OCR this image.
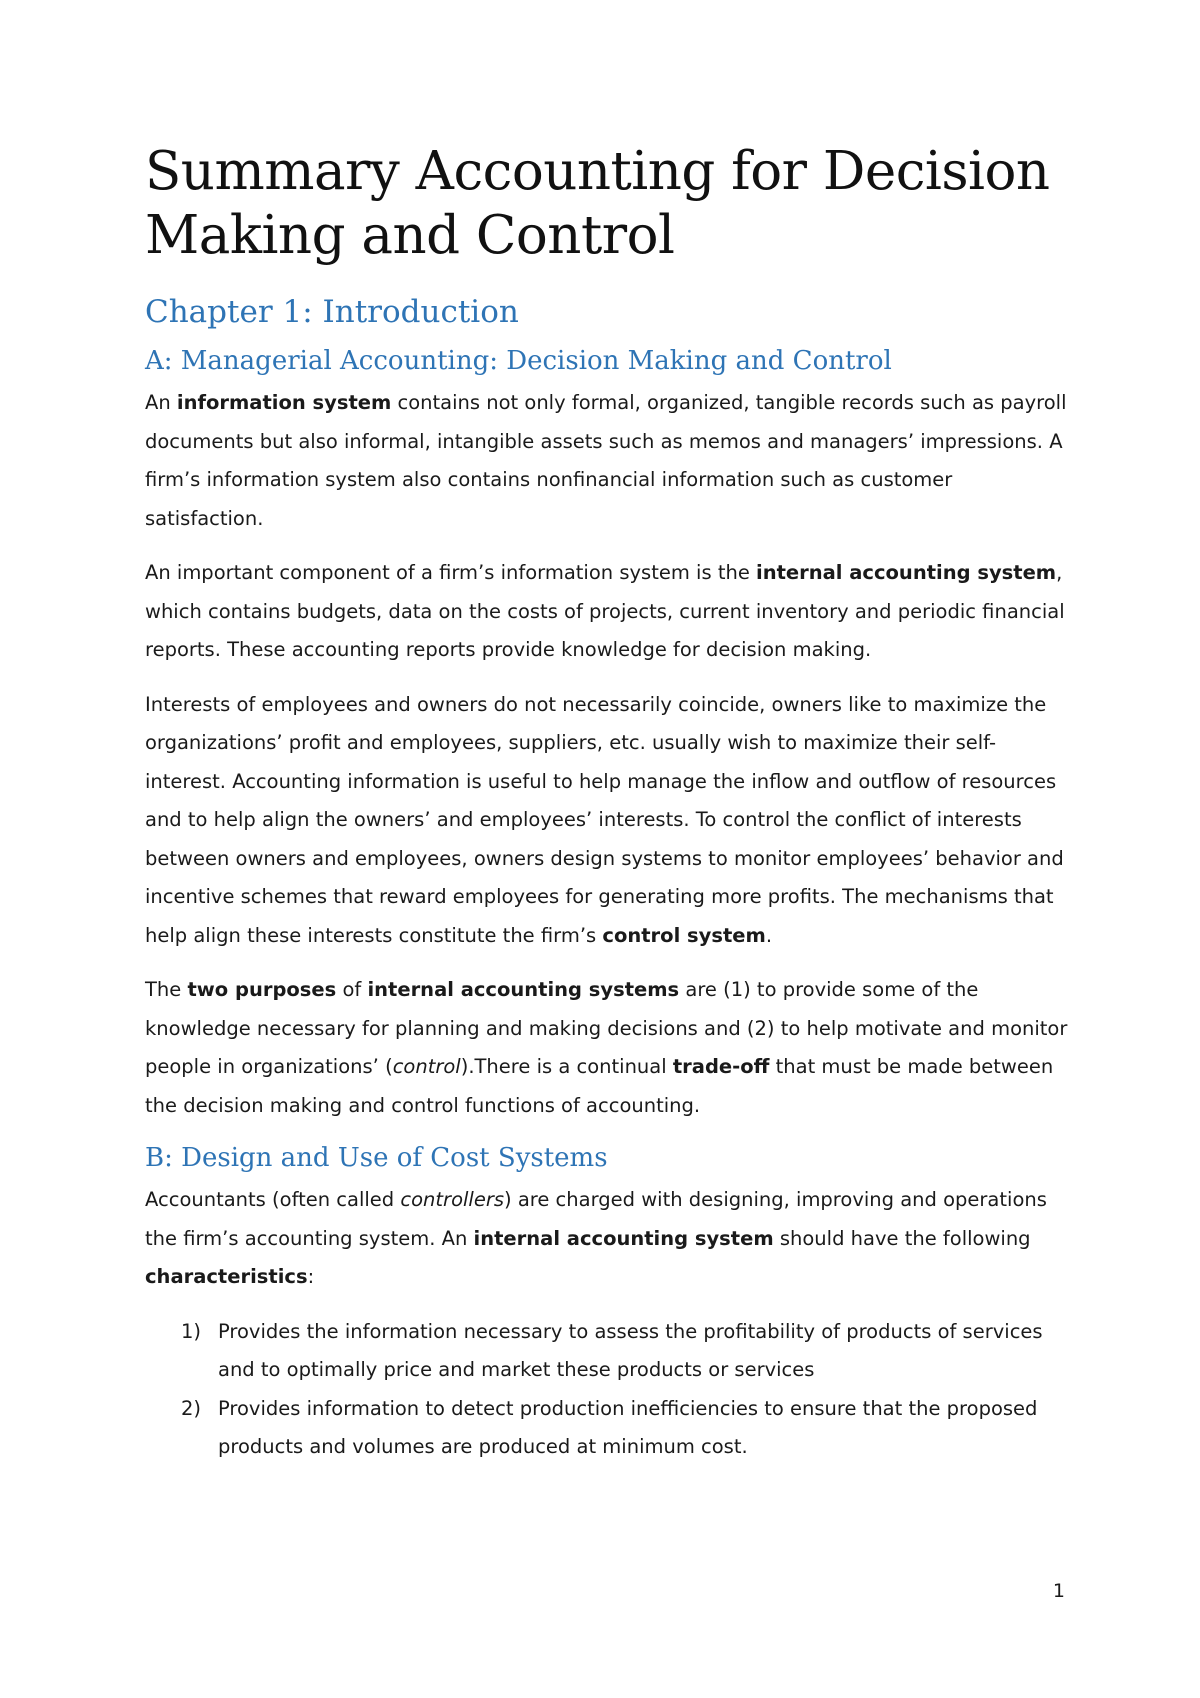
Summary Accounting for Decision Making and Control
Chapter 1: Introduction
A: Managerial Accounting: Decision Making and Control

An information system contains not only formal, organized, tangible records such as payroll documents but also informal, intangible assets such as memos and managers’ impressions. A firm’s information system also contains nonfinancial information such as customer satisfaction.

An important component of a firm’s information system is the internal accounting system, which contains budgets, data on the costs of projects, current inventory and periodic financial reports. These accounting reports provide knowledge for decision making.

Interests of employees and owners do not necessarily coincide, owners like to maximize the organizations’ profit and employees, suppliers, etc. usually wish to maximize their self-interest. Accounting information is useful to help manage the inflow and outflow of resources and to help align the owners’ and employees’ interests. To control the conflict of interests between owners and employees, owners design systems to monitor employees’ behavior and incentive schemes that reward employees for generating more profits. The mechanisms that help align these interests constitute the firm’s control system.

The two purposes of internal accounting systems are (1) to provide some of the knowledge necessary for planning and making decisions and (2) to help motivate and monitor people in organizations’ (control).There is a continual trade-off that must be made between the decision making and control functions of accounting.

B: Design and Use of Cost Systems

Accountants (often called controllers) are charged with designing, improving and operations the firm’s accounting system. An internal accounting system should have the following characteristics:

1) Provides the information necessary to assess the profitability of products of services and to optimally price and market these products or services
2) Provides information to detect production inefficiencies to ensure that the proposed products and volumes are produced at minimum cost.
1
